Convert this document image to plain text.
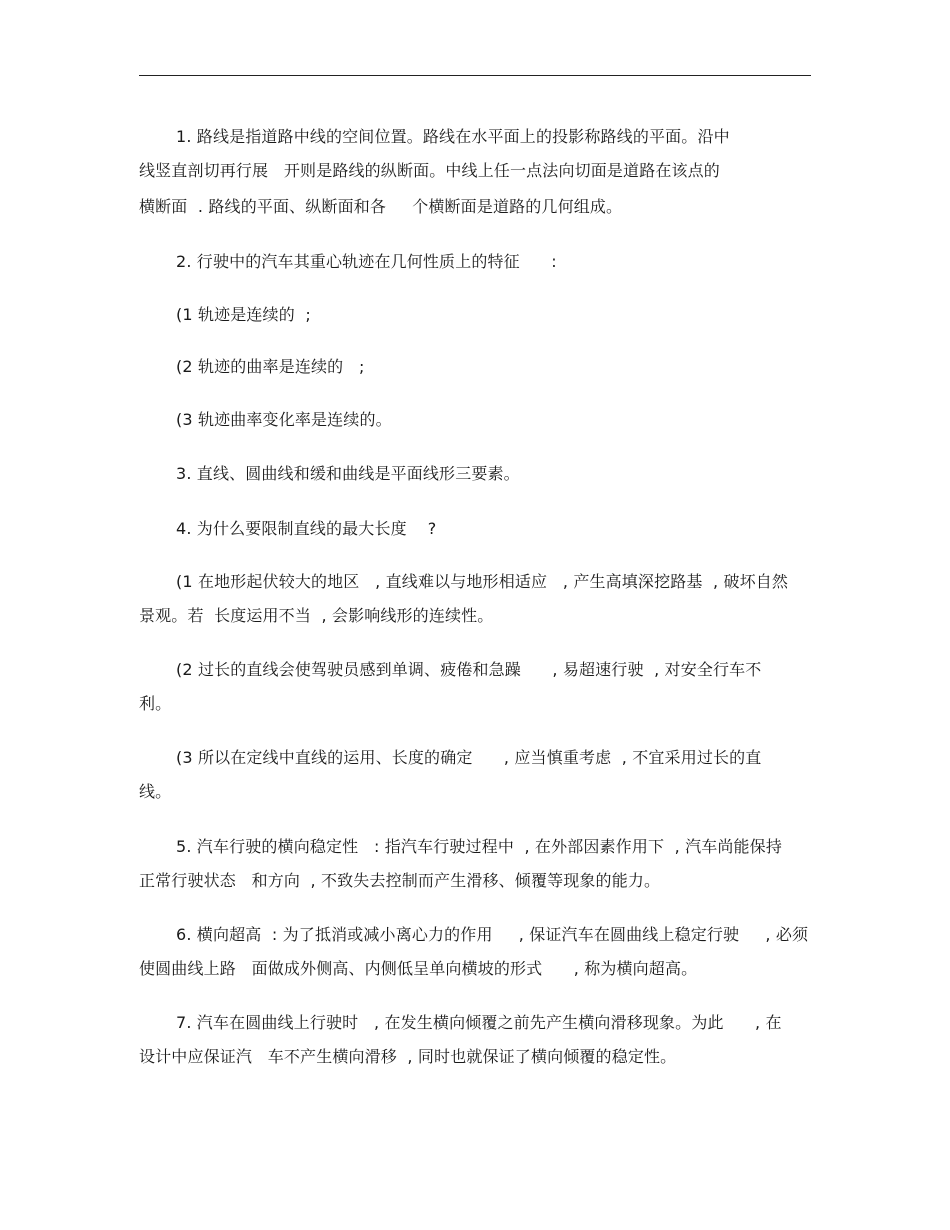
1. 路线是指道路中线的空间位置。路线在水平面上的投影称路线的平面。沿中
线竖直剖切再行展   开则是路线的纵断面。中线上任一点法向切面是道路在该点的
横断面  . 路线的平面、纵断面和各     个横断面是道路的几何组成。
2. 行驶中的汽车其重心轨迹在几何性质上的特征      :
(1 轨迹是连续的  ;
(2 轨迹的曲率是连续的   ;
(3 轨迹曲率变化率是连续的。
3. 直线、圆曲线和缓和曲线是平面线形三要素。
4. 为什么要限制直线的最大长度    ?
(1 在地形起伏较大的地区   , 直线难以与地形相适应   , 产生高填深挖路基  , 破坏自然
景观。若  长度运用不当  , 会影响线形的连续性。
(2 过长的直线会使驾驶员感到单调、疲倦和急躁      , 易超速行驶  , 对安全行车不
利。
(3 所以在定线中直线的运用、长度的确定      , 应当慎重考虑  , 不宜采用过长的直
线。
5. 汽车行驶的横向稳定性   : 指汽车行驶过程中  , 在外部因素作用下  , 汽车尚能保持
正常行驶状态   和方向  , 不致失去控制而产生滑移、倾覆等现象的能力。
6. 横向超高  : 为了抵消或减小离心力的作用     , 保证汽车在圆曲线上稳定行驶     , 必须
使圆曲线上路   面做成外侧高、内侧低呈单向横坡的形式      , 称为横向超高。
7. 汽车在圆曲线上行驶时   , 在发生横向倾覆之前先产生横向滑移现象。为此      , 在
设计中应保证汽   车不产生横向滑移  , 同时也就保证了横向倾覆的稳定性。
